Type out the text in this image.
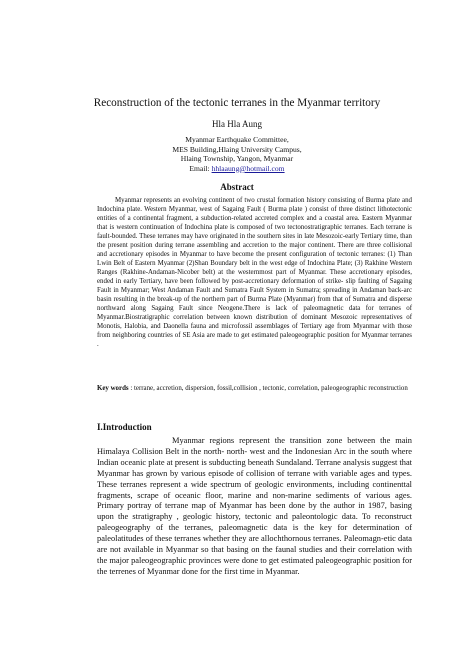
Reconstruction of the tectonic terranes in the Myanmar territory
Hla Hla Aung
Myanmar Earthquake Committee,
MES Building,Hlaing University Campus,
Hlaing Township, Yangon, Myanmar
Email: hhlaaung@hotmail.com
Abstract

Myanmar represents an evolving continent of two crustal formation history consisting of Burma plate and Indochina plate. Western Myanmar, west of Sagaing Fault ( Burma plate ) consist of three distinct lithotectonic entities of a continental fragment, a subduction-related accreted complex and a coastal area. Eastern Myanmar that is western continuation of Indochina plate is composed of two tectonostratigraphic terranes. Each terrane is fault-bounded. These terranes may have originated in the southern sites in late Mesozoic-early Tertiary time, than the present position during terrane assembling and accretion to the major continent. There are three collisional and accretionary episodes in Myanmar to have become the present configuration of tectonic terranes: (1) Than Lwin Belt of Eastern Myanmar (2)Shan Boundary belt in the west edge of Indochina Plate; (3) Rakhine Western Ranges (Rakhine-Andaman-Nicober belt) at the westernmost part of Myanmar. These accretionary episodes, ended in early Tertiary, have been followed by post-accretionary deformation of strike- slip faulting of Sagaing Fault in Myanmar; West Andaman Fault and Sumatra Fault System in Sumatra; spreading in Andaman back-arc basin resulting in the break-up of the northern part of Burma Plate (Myanmar) from that of Sumatra and disperse northward along Sagaing Fault since Neogene.There is lack of paleomagnetic data for terranes of Myanmar.Biostratigraphic correlation between known distribution of dominant Mesozoic representatives of Monotis, Halobia, and Daonella fauna and microfossil assemblages of Tertiary age from Myanmar with those from neighboring countries of SE Asia are made to get estimated paleogeographic position for Myanmar terranes .

Key words : terrane, accretion, dispersion, fossil,collision , tectonic, correlation, paleogeographic reconstruction
I.Introduction

Myanmar regions represent the transition zone between the main Himalaya Collision Belt in the north- north- west and the Indonesian Arc in the south where Indian oceanic plate at present is subducting beneath Sundaland. Terrane analysis suggest that Myanmar has grown by various episode of collision of terrane with variable ages and types. These terranes represent a wide spectrum of geologic environments, including continenttal fragments, scrape of oceanic floor, marine and non-marine sediments of various ages. Primary portray of terrane map of Myanmar has been done by the author in 1987, basing upon the stratigraphy , geologic history, tectonic and paleontologic data. To reconstruct paleogeography of the terranes, paleomagnetic data is the key for determination of paleolatitudes of these terranes whether they are allochthornous terranes. Paleomagn-etic data are not available in Myanmar so that basing on the faunal studies and their correlation with the major paleogeographic provinces were done to get estimated paleogeographic position for the terrenes of Myanmar done for the first time in Myanmar.
